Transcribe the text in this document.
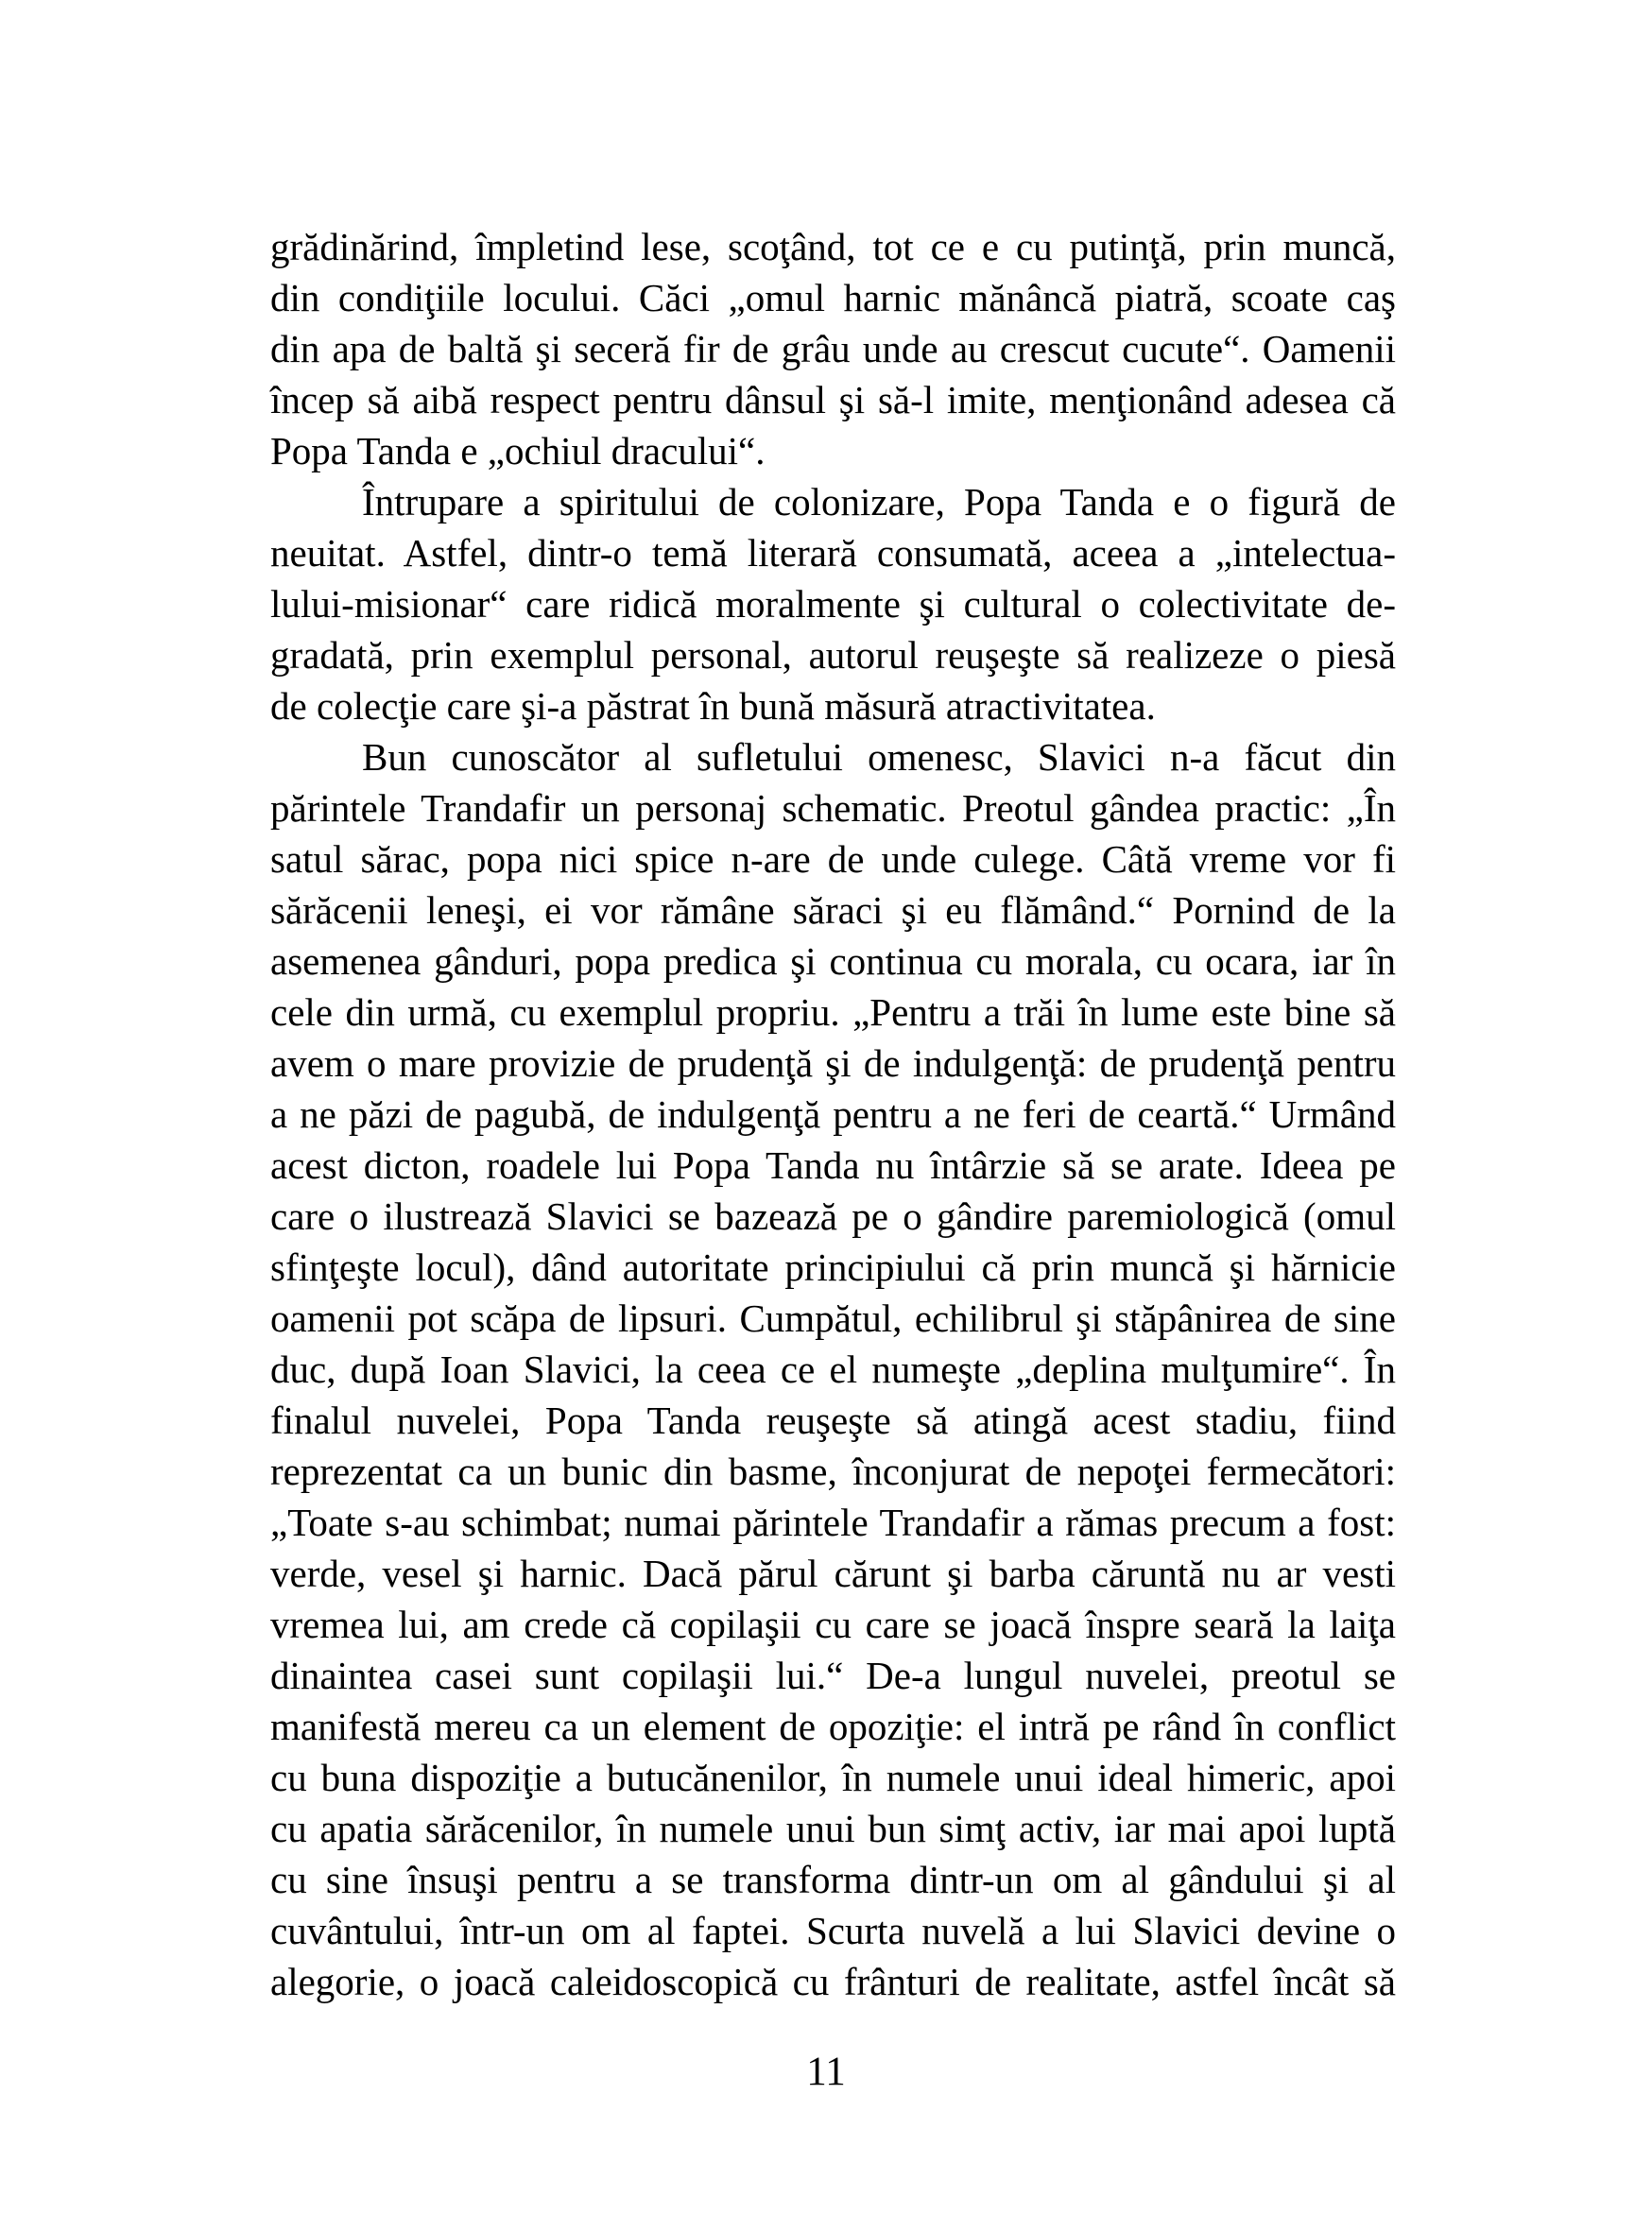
grădinărind, împletind lese, scoţând, tot ce e cu putinţă, prin muncă,
din condiţiile locului. Căci „omul harnic mănâncă piatră, scoate caş
din apa de baltă şi seceră fir de grâu unde au crescut cucute“. Oamenii
încep să aibă respect pentru dânsul şi să-l imite, menţionând adesea că
Popa Tanda e „ochiul dracului“.
Întrupare a spiritului de colonizare, Popa Tanda e o figură de
neuitat. Astfel, dintr-o temă literară consumată, aceea a „intelectua-
lului-misionar“ care ridică moralmente şi cultural o colectivitate de-
gradată, prin exemplul personal, autorul reuşeşte să realizeze o piesă
de colecţie care şi-a păstrat în bună măsură atractivitatea.
Bun cunoscător al sufletului omenesc, Slavici n-a făcut din
părintele Trandafir un personaj schematic. Preotul gândea practic: „În
satul sărac, popa nici spice n-are de unde culege. Câtă vreme vor fi
sărăcenii leneşi, ei vor rămâne săraci şi eu flămând.“ Pornind de la
asemenea gânduri, popa predica şi continua cu morala, cu ocara, iar în
cele din urmă, cu exemplul propriu. „Pentru a trăi în lume este bine să
avem o mare provizie de prudenţă şi de indulgenţă: de prudenţă pentru
a ne păzi de pagubă, de indulgenţă pentru a ne feri de ceartă.“ Urmând
acest dicton, roadele lui Popa Tanda nu întârzie să se arate. Ideea pe
care o ilustrează Slavici se bazează pe o gândire paremiologică (omul
sfinţeşte locul), dând autoritate principiului că prin muncă şi hărnicie
oamenii pot scăpa de lipsuri. Cumpătul, echilibrul şi stăpânirea de sine
duc, după Ioan Slavici, la ceea ce el numeşte „deplina mulţumire“. În
finalul nuvelei, Popa Tanda reuşeşte să atingă acest stadiu, fiind
reprezentat ca un bunic din basme, înconjurat de nepoţei fermecători:
„Toate s-au schimbat; numai părintele Trandafir a rămas precum a fost:
verde, vesel şi harnic. Dacă părul cărunt şi barba căruntă nu ar vesti
vremea lui, am crede că copilaşii cu care se joacă înspre seară la laiţa
dinaintea casei sunt copilaşii lui.“ De-a lungul nuvelei, preotul se
manifestă mereu ca un element de opoziţie: el intră pe rând în conflict
cu buna dispoziţie a butucănenilor, în numele unui ideal himeric, apoi
cu apatia sărăcenilor, în numele unui bun simţ activ, iar mai apoi luptă
cu sine însuşi pentru a se transforma dintr-un om al gândului şi al
cuvântului, într-un om al faptei. Scurta nuvelă a lui Slavici devine o
alegorie, o joacă caleidoscopică cu frânturi de realitate, astfel încât să
11
